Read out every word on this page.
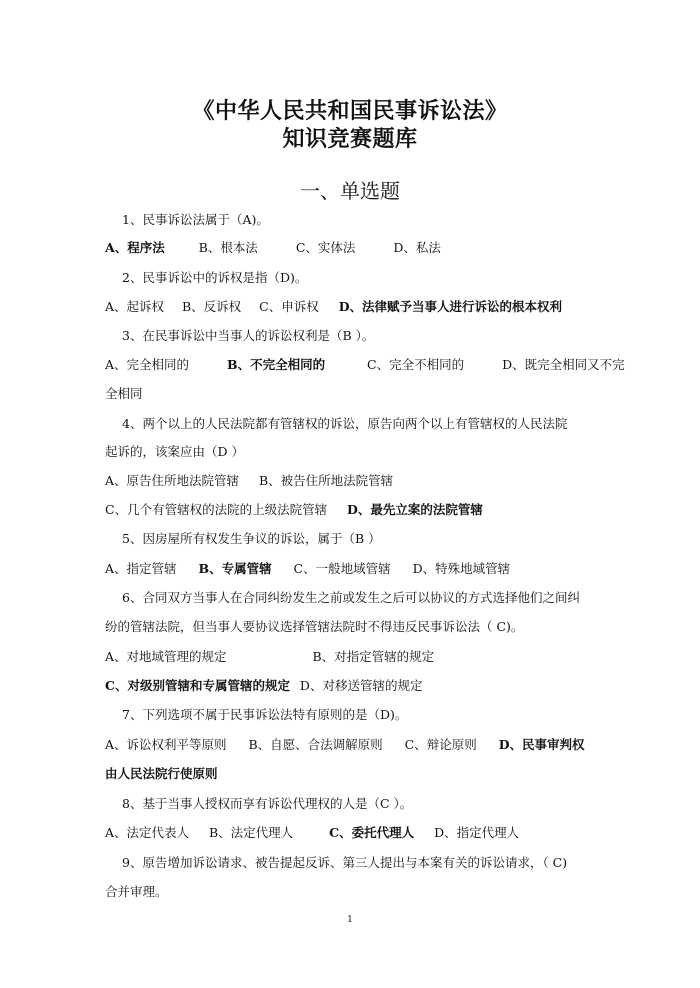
《中华人民共和国民事诉讼法》
知识竞赛题库
一、单选题
1、民事诉讼法属于（A)。
A、程序法	B、根本法	C、实体法	D、私法
2、民事诉讼中的诉权是指（D)。
A、起诉权 B、反诉权 C、申诉权 D、法律赋予当事人进行诉讼的根本权利
3、在民事诉讼中当事人的诉讼权利是（B ）。
A、完全相同的	B、不完全相同的	C、完全不相同的	D、既完全相同又不完
全相同
4、两个以上的人民法院都有管辖权的诉讼，原告向两个以上有管辖权的人民法院
起诉的，该案应由（D ）
A、原告住所地法院管辖 B、被告住所地法院管辖
C、几个有管辖权的法院的上级法院管辖 D、最先立案的法院管辖
5、因房屋所有权发生争议的诉讼，属于（B ）
A、指定管辖 B、专属管辖 C、一般地域管辖 D、特殊地域管辖
6、合同双方当事人在合同纠纷发生之前或发生之后可以协议的方式选择他们之间纠
纷的管辖法院，但当事人要协议选择管辖法院时不得违反民事诉讼法（ C)。
A、对地域管理的规定	B、对指定管辖的规定
C、对级别管辖和专属管辖的规定 D、对移送管辖的规定
7、下列选项不属于民事诉讼法特有原则的是（D)。
A、诉讼权利平等原则 B、自愿、合法调解原则 C、辩论原则 D、民事审判权
由人民法院行使原则
8、基于当事人授权而享有诉讼代理权的人是（C ）。
A、法定代表人 B、法定代理人	C、委托代理人 D、指定代理人
9、原告增加诉讼请求、被告提起反诉、第三人提出与本案有关的诉讼请求，（ C)
合并审理。
1
